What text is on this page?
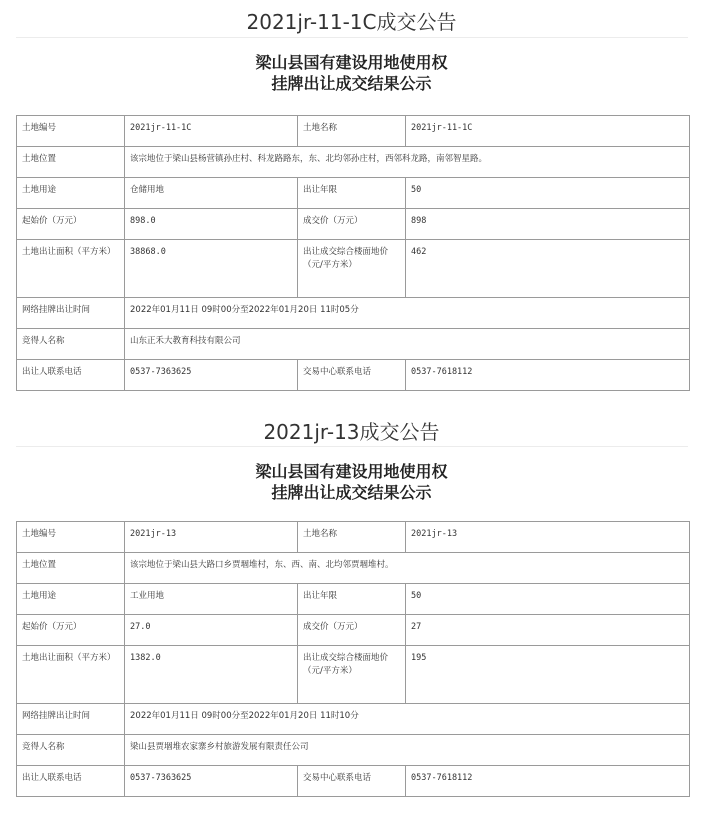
2021jr-11-1C成交公告
梁山县国有建设用地使用权
挂牌出让成交结果公示
土地编号	2021jr-11-1C	土地名称	2021jr-11-1C
土地位置	该宗地位于梁山县杨营镇孙庄村、科龙路路东，东、北均邻孙庄村，西邻科龙路，南邻智星路。		
土地用途	仓储用地	出让年限	50
起始价（万元）	898.0	成交价（万元）	898
土地出让面积（平方米）	38868.0	出让成交综合楼面地价（元/平方米）	462
网络挂牌出让时间	2022年01月11日 09时00分至2022年01月20日 11时05分		
竞得人名称	山东正禾大教育科技有限公司		
出让人联系电话	0537-7363625	交易中心联系电话	0537-7618112
2021jr-13成交公告
梁山县国有建设用地使用权
挂牌出让成交结果公示
土地编号	2021jr-13	土地名称	2021jr-13
土地位置	该宗地位于梁山县大路口乡贾堌堆村，东、西、南、北均邻贾堌堆村。		
土地用途	工业用地	出让年限	50
起始价（万元）	27.0	成交价（万元）	27
土地出让面积（平方米）	1382.0	出让成交综合楼面地价（元/平方米）	195
网络挂牌出让时间	2022年01月11日 09时00分至2022年01月20日 11时10分		
竞得人名称	梁山县贾堌堆农家寨乡村旅游发展有限责任公司		
出让人联系电话	0537-7363625	交易中心联系电话	0537-7618112
